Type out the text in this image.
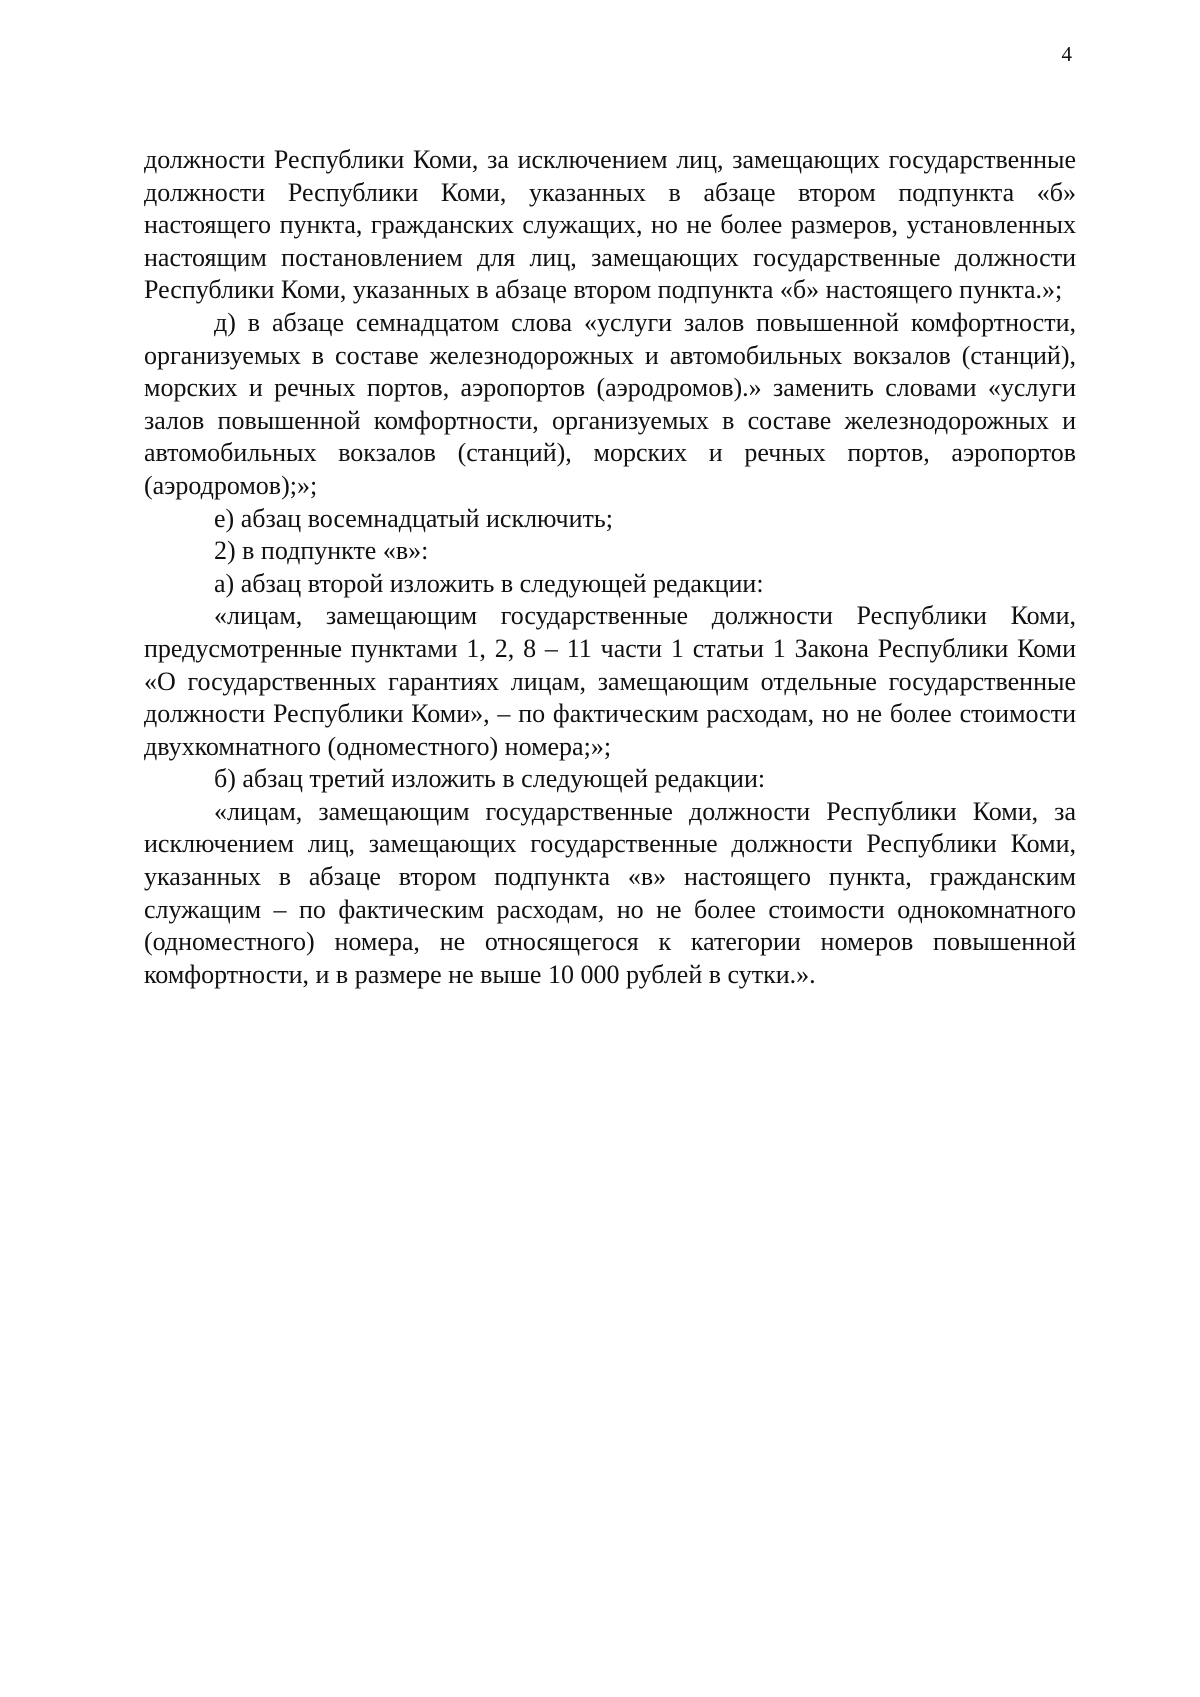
4

должности Республики Коми, за исключением лиц, замещающих государственные должности Республики Коми, указанных в абзаце втором подпункта «б» настоящего пункта, гражданских служащих, но не более размеров, установленных настоящим постановлением для лиц, замещающих государственные должности Республики Коми, указанных в абзаце втором подпункта «б» настоящего пункта.»;

д) в абзаце семнадцатом слова «услуги залов повышенной комфортности, организуемых в составе железнодорожных и автомобильных вокзалов (станций), морских и речных портов, аэропортов (аэродромов).» заменить словами «услуги залов повышенной комфортности, организуемых в составе железнодорожных и автомобильных вокзалов (станций), морских и речных портов, аэропортов (аэродромов);»;

е) абзац восемнадцатый исключить;

2) в подпункте «в»:

а) абзац второй изложить в следующей редакции:

«лицам, замещающим государственные должности Республики Коми, предусмотренные пунктами 1, 2, 8 – 11 части 1 статьи 1 Закона Республики Коми «О государственных гарантиях лицам, замещающим отдельные государственные должности Республики Коми», – по фактическим расходам, но не более стоимости двухкомнатного (одноместного) номера;»;

б) абзац третий изложить в следующей редакции:

«лицам, замещающим государственные должности Республики Коми, за исключением лиц, замещающих государственные должности Республики Коми, указанных в абзаце втором подпункта «в» настоящего пункта, гражданским служащим – по фактическим расходам, но не более стоимости однокомнатного (одноместного) номера, не относящегося к категории номеров повышенной комфортности, и в размере не выше 10 000 рублей в сутки.».
